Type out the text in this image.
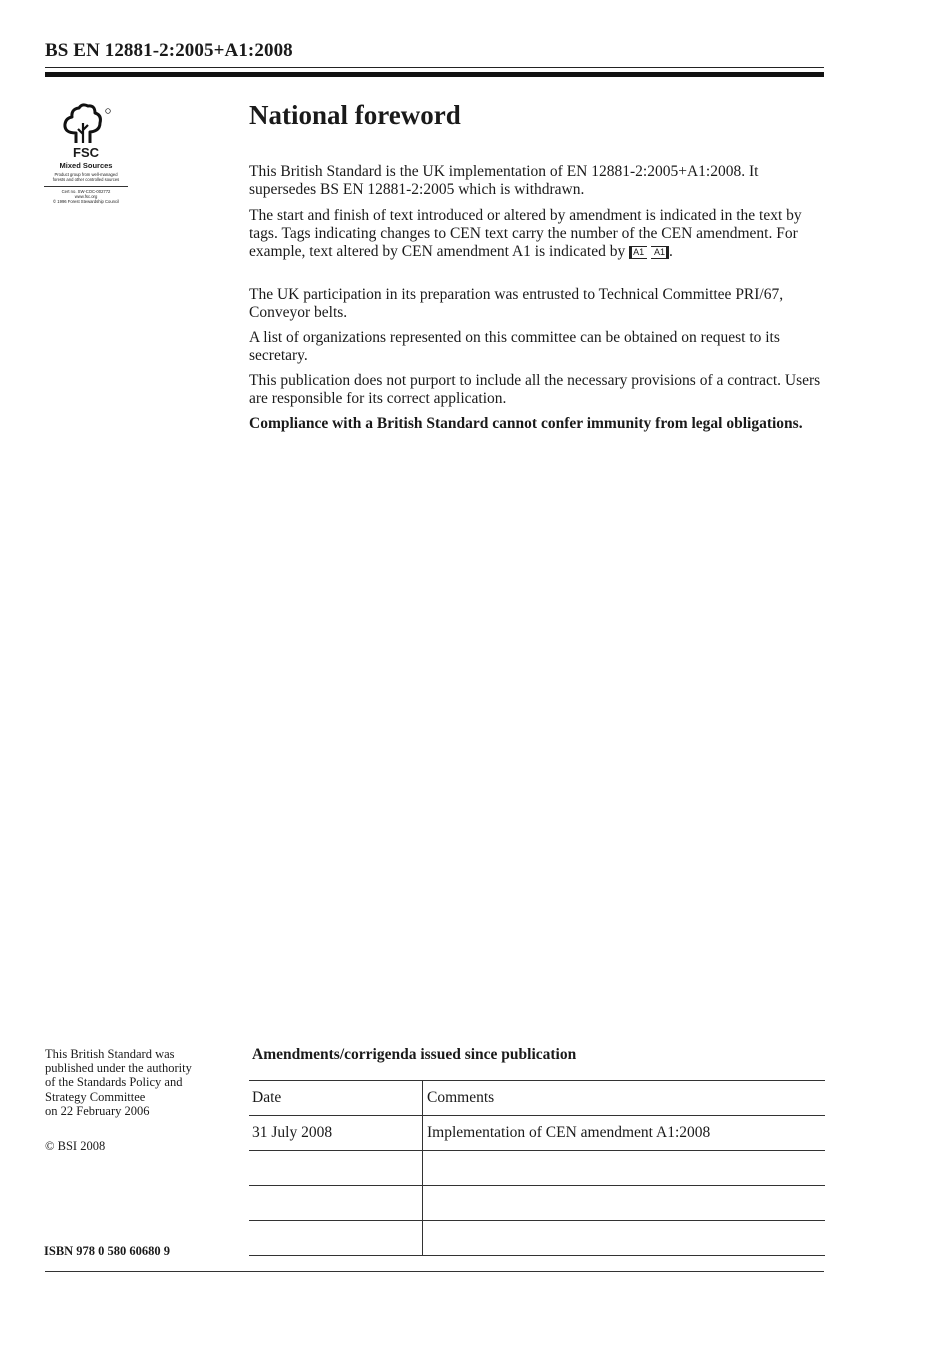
BS EN 12881-2:2005+A1:2008
FSC
Mixed Sources
Product group from well-managed
forests and other controlled sources
Cert no. SW-COC-002772
www.fsc.org
© 1996 Forest Stewardship Council
National foreword
This British Standard is the UK implementation of EN 12881-2:2005+A1:2008. It supersedes BS EN 12881-2:2005 which is withdrawn.
The start and finish of text introduced or altered by amendment is indicated in the text by tags. Tags indicating changes to CEN text carry the number of the CEN amendment. For example, text altered by CEN amendment A1 is indicated by A1 A1 .
The UK participation in its preparation was entrusted to Technical Committee PRI/67, Conveyor belts.
A list of organizations represented on this committee can be obtained on request to its secretary.
This publication does not purport to include all the necessary provisions of a contract. Users are responsible for its correct application.
Compliance with a British Standard cannot confer immunity from legal obligations.
This British Standard was
published under the authority
of the Standards Policy and
Strategy Committee
on 22 February 2006
© BSI 2008
ISBN 978 0 580 60680 9
Amendments/corrigenda issued since publication
Date	Comments
31 July 2008	Implementation of CEN amendment A1:2008
